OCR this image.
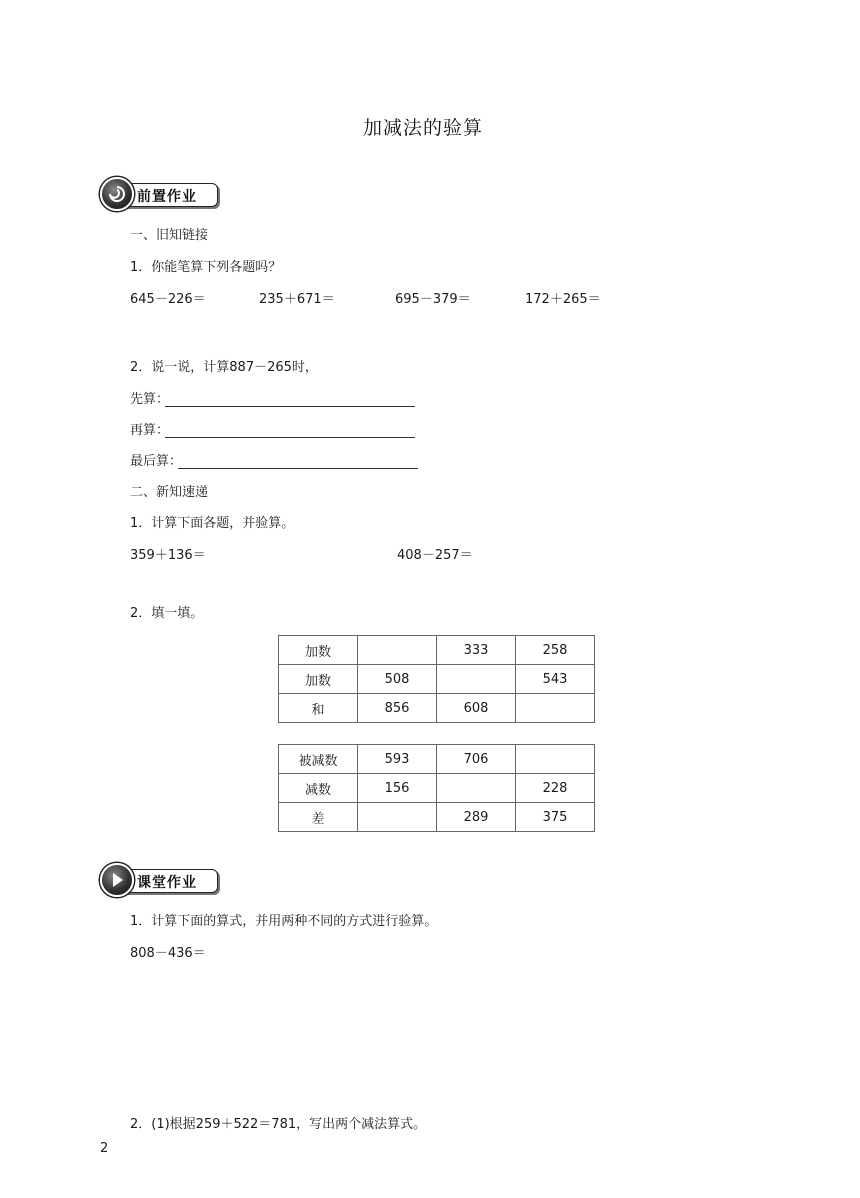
加减法的验算
前置作业
一、旧知链接
1．你能笔算下列各题吗？
645－226＝	235＋671＝	695－379＝	172＋265＝
2．说一说，计算887－265时，
先算：
再算：
最后算：
二、新知速递
1．计算下面各题，并验算。
359＋136＝	408－257＝
2．填一填。
加数		333	258
加数	508		543
和	856	608	
被减数	593	706	
减数	156		228
差		289	375
课堂作业
1．计算下面的算式，并用两种不同的方式进行验算。
808－436＝
2．(1)根据259＋522＝781，写出两个减法算式。
2
